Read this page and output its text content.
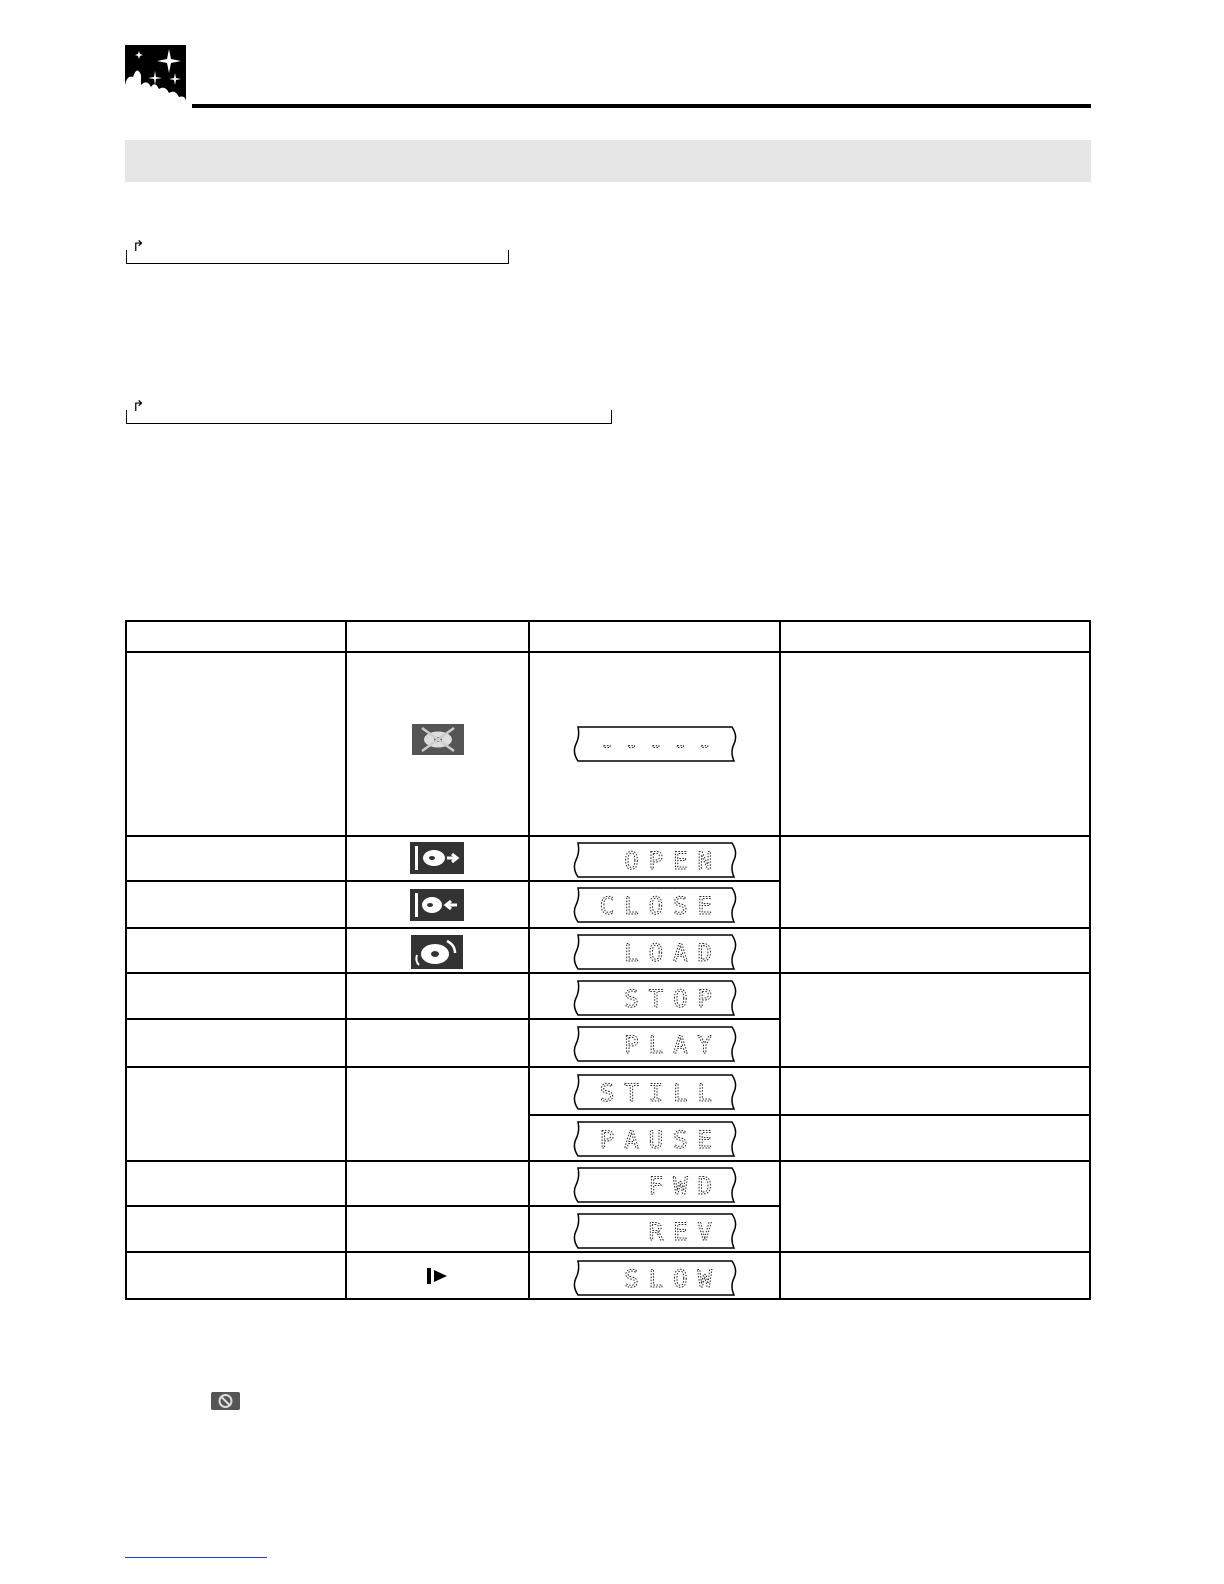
↱
↱
-----
OPEN
CLOSE
LOAD
STOP
PLAY
STILL
PAUSE
FWD
REV
SLOW
